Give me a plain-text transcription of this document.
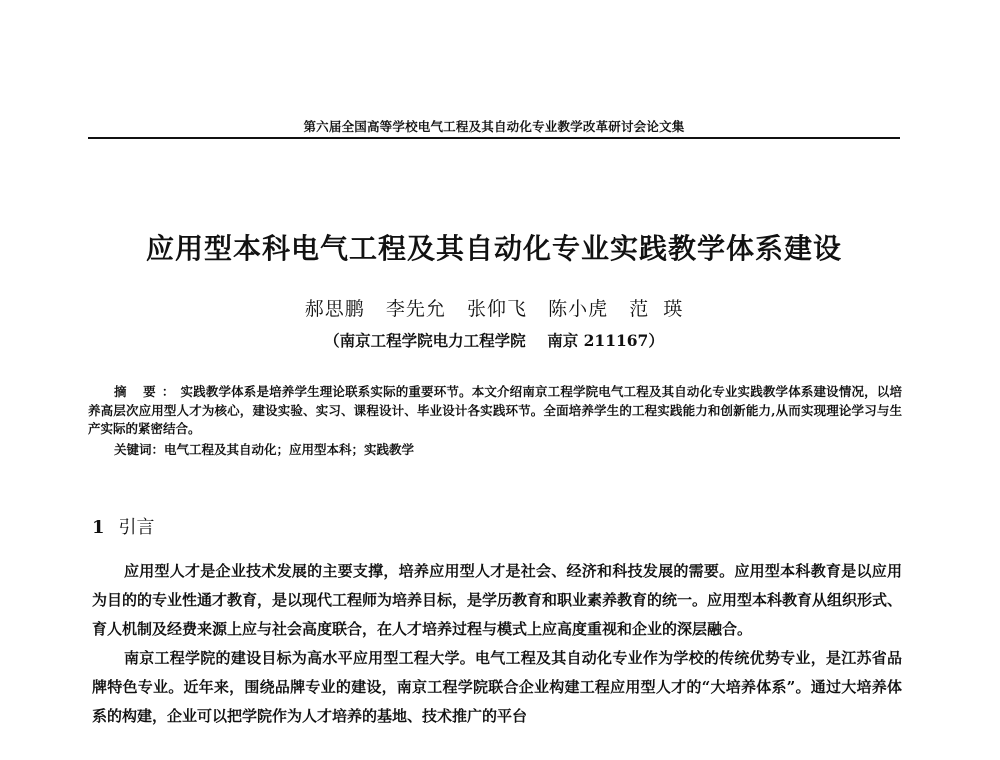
第六届全国高等学校电气工程及其自动化专业教学改革研讨会论文集
应用型本科电气工程及其自动化专业实践教学体系建设
郝思鹏   李先允   张仰飞   陈小虎   范  瑛
（南京工程学院电力工程学院    南京 211167）
摘 要：实践教学体系是培养学生理论联系实际的重要环节。本文介绍南京工程学院电气工程及其自动化专业实践教学体系建设情况，以培养高层次应用型人才为核心，建设实验、实习、课程设计、毕业设计各实践环节。全面培养学生的工程实践能力和创新能力,从而实现理论学习与生产实际的紧密结合。
关键词：电气工程及其自动化；应用型本科；实践教学
1 引言

应用型人才是企业技术发展的主要支撑，培养应用型人才是社会、经济和科技发展的需要。应用型本科教育是以应用为目的的专业性通才教育，是以现代工程师为培养目标，是学历教育和职业素养教育的统一。应用型本科教育从组织形式、育人机制及经费来源上应与社会高度联合，在人才培养过程与模式上应高度重视和企业的深层融合。

南京工程学院的建设目标为高水平应用型工程大学。电气工程及其自动化专业作为学校的传统优势专业，是江苏省品牌特色专业。近年来，围绕品牌专业的建设，南京工程学院联合企业构建工程应用型人才的“大培养体系”。通过大培养体系的构建，企业可以把学院作为人才培养的基地、技术推广的平台
